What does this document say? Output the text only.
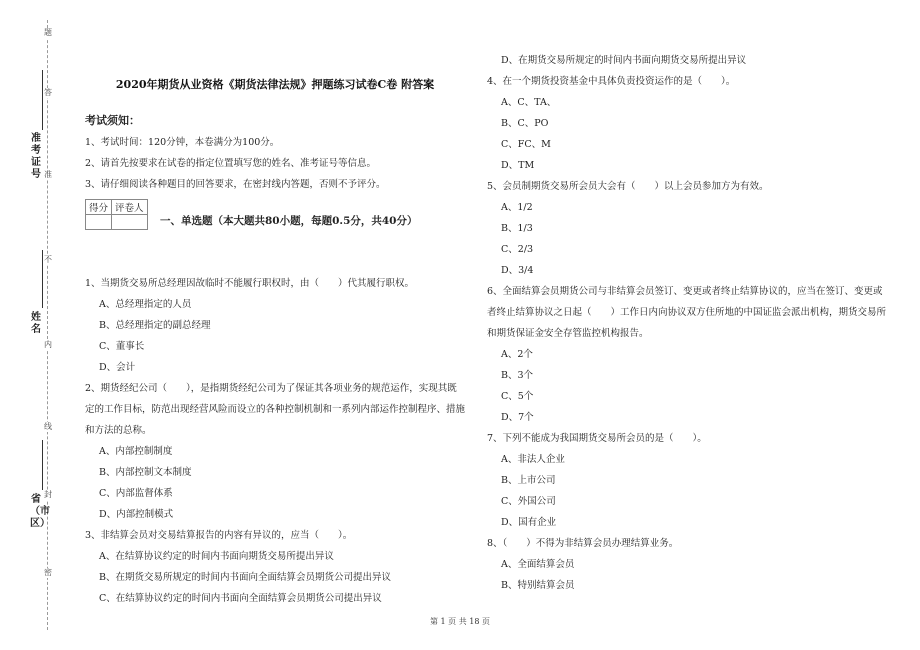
题
答
准
不
内
线
封
密
准考证号
姓名
省（市区）
2020年期货从业资格《期货法律法规》押题练习试卷C卷 附答案
考试须知：
1、考试时间：120分钟，本卷满分为100分。
2、请首先按要求在试卷的指定位置填写您的姓名、准考证号等信息。
3、请仔细阅读各种题目的回答要求，在密封线内答题，否则不予评分。
得分	评卷人

一、单选题（本大题共80小题，每题0.5分，共40分）
1、当期货交易所总经理因故临时不能履行职权时，由（　　）代其履行职权。
A、总经理指定的人员
B、总经理指定的副总经理
C、董事长
D、会计
2、期货经纪公司（　　），是指期货经纪公司为了保证其各项业务的规范运作，实现其既定的工作目标，防范出现经营风险而设立的各种控制机制和一系列内部运作控制程序、措施和方法的总称。
A、内部控制制度
B、内部控制文本制度
C、内部监督体系
D、内部控制模式
3、非结算会员对交易结算报告的内容有异议的，应当（　　）。
A、在结算协议约定的时间内书面向期货交易所提出异议
B、在期货交易所规定的时间内书面向全面结算会员期货公司提出异议
C、在结算协议约定的时间内书面向全面结算会员期货公司提出异议
D、在期货交易所规定的时间内书面向期货交易所提出异议
4、在一个期货投资基金中具体负责投资运作的是（　　）。
A、C、TA、
B、C、PO
C、FC、M
D、TM
5、会员制期货交易所会员大会有（　　）以上会员参加方为有效。
A、1/2
B、1/3
C、2/3
D、3/4
6、全面结算会员期货公司与非结算会员签订、变更或者终止结算协议的，应当在签订、变更或者终止结算协议之日起（　　）工作日内向协议双方住所地的中国证监会派出机构，期货交易所和期货保证金安全存管监控机构报告。
A、2个
B、3个
C、5个
D、7个
7、下列不能成为我国期货交易所会员的是（　　）。
A、非法人企业
B、上市公司
C、外国公司
D、国有企业
8、（　　）不得为非结算会员办理结算业务。
A、全面结算会员
B、特别结算会员
第 1 页 共 18 页
